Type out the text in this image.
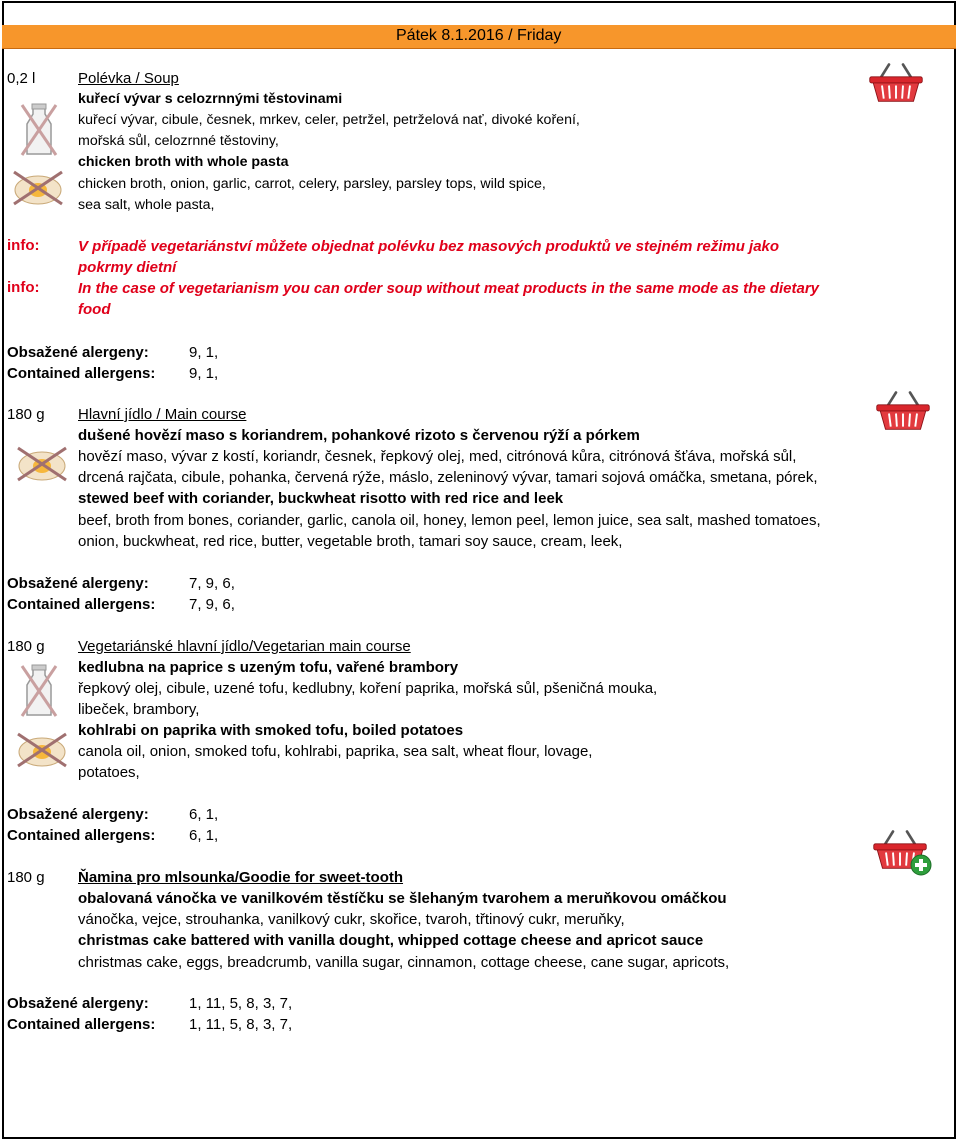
Pátek 8.1.2016 / Friday
0,2 l	Polévka / Soup
kuřecí vývar s celozrnnými těstovinami
kuřecí vývar, cibule, česnek, mrkev, celer, petržel, petrželová nať, divoké koření,
mořská sůl, celozrnné těstoviny,
chicken broth with whole pasta
chicken broth, onion, garlic, carrot, celery, parsley, parsley tops, wild spice,
sea salt, whole pasta,
info:	V případě vegetariánství můžete objednat polévku bez masových produktů ve stejném režimu jako
pokrmy dietní
info:	In the case of vegetarianism you can order soup without meat products in the same mode as the dietary
food
Obsažené alergeny:	9, 1,
Contained allergens: 9, 1,
180 g Hlavní jídlo / Main course
dušené hovězí maso s koriandrem, pohankové rizoto s červenou rýží a pórkem
hovězí maso, vývar z kostí, koriandr, česnek, řepkový olej, med, citrónová kůra, citrónová šťáva, mořská sůl,
drcená rajčata, cibule, pohanka, červená rýže, máslo, zeleninový vývar, tamari sojová omáčka, smetana, pórek,
stewed beef with coriander, buckwheat risotto with red rice and leek
beef, broth from bones, coriander, garlic, canola oil, honey, lemon peel, lemon juice, sea salt, mashed tomatoes,
onion, buckwheat, red rice, butter, vegetable broth, tamari soy sauce, cream, leek,
Obsažené alergeny:	7, 9, 6,
Contained allergens: 7, 9, 6,
180 g Vegetariánské hlavní jídlo/Vegetarian main course
kedlubna na paprice s uzeným tofu, vařené brambory
řepkový olej, cibule, uzené tofu, kedlubny, koření paprika, mořská sůl, pšeničná mouka,
libeček, brambory,
kohlrabi on paprika with smoked tofu, boiled potatoes
canola oil, onion, smoked tofu, kohlrabi, paprika, sea salt, wheat flour, lovage,
potatoes,
Obsažené alergeny:	6, 1,
Contained allergens: 6, 1,
180 g Ňamina pro mlsounka/Goodie for sweet-tooth
obalovaná vánočka ve vanilkovém těstíčku se šlehaným tvarohem a meruňkovou omáčkou
vánočka, vejce, strouhanka, vanilkový cukr, skořice, tvaroh, třtinový cukr, meruňky,
christmas cake battered with vanilla dought, whipped cottage cheese and apricot sauce
christmas cake, eggs, breadcrumb, vanilla sugar, cinnamon, cottage cheese, cane sugar, apricots,
Obsažené alergeny:	1, 11, 5, 8, 3, 7,
Contained allergens: 1, 11, 5, 8, 3, 7,
